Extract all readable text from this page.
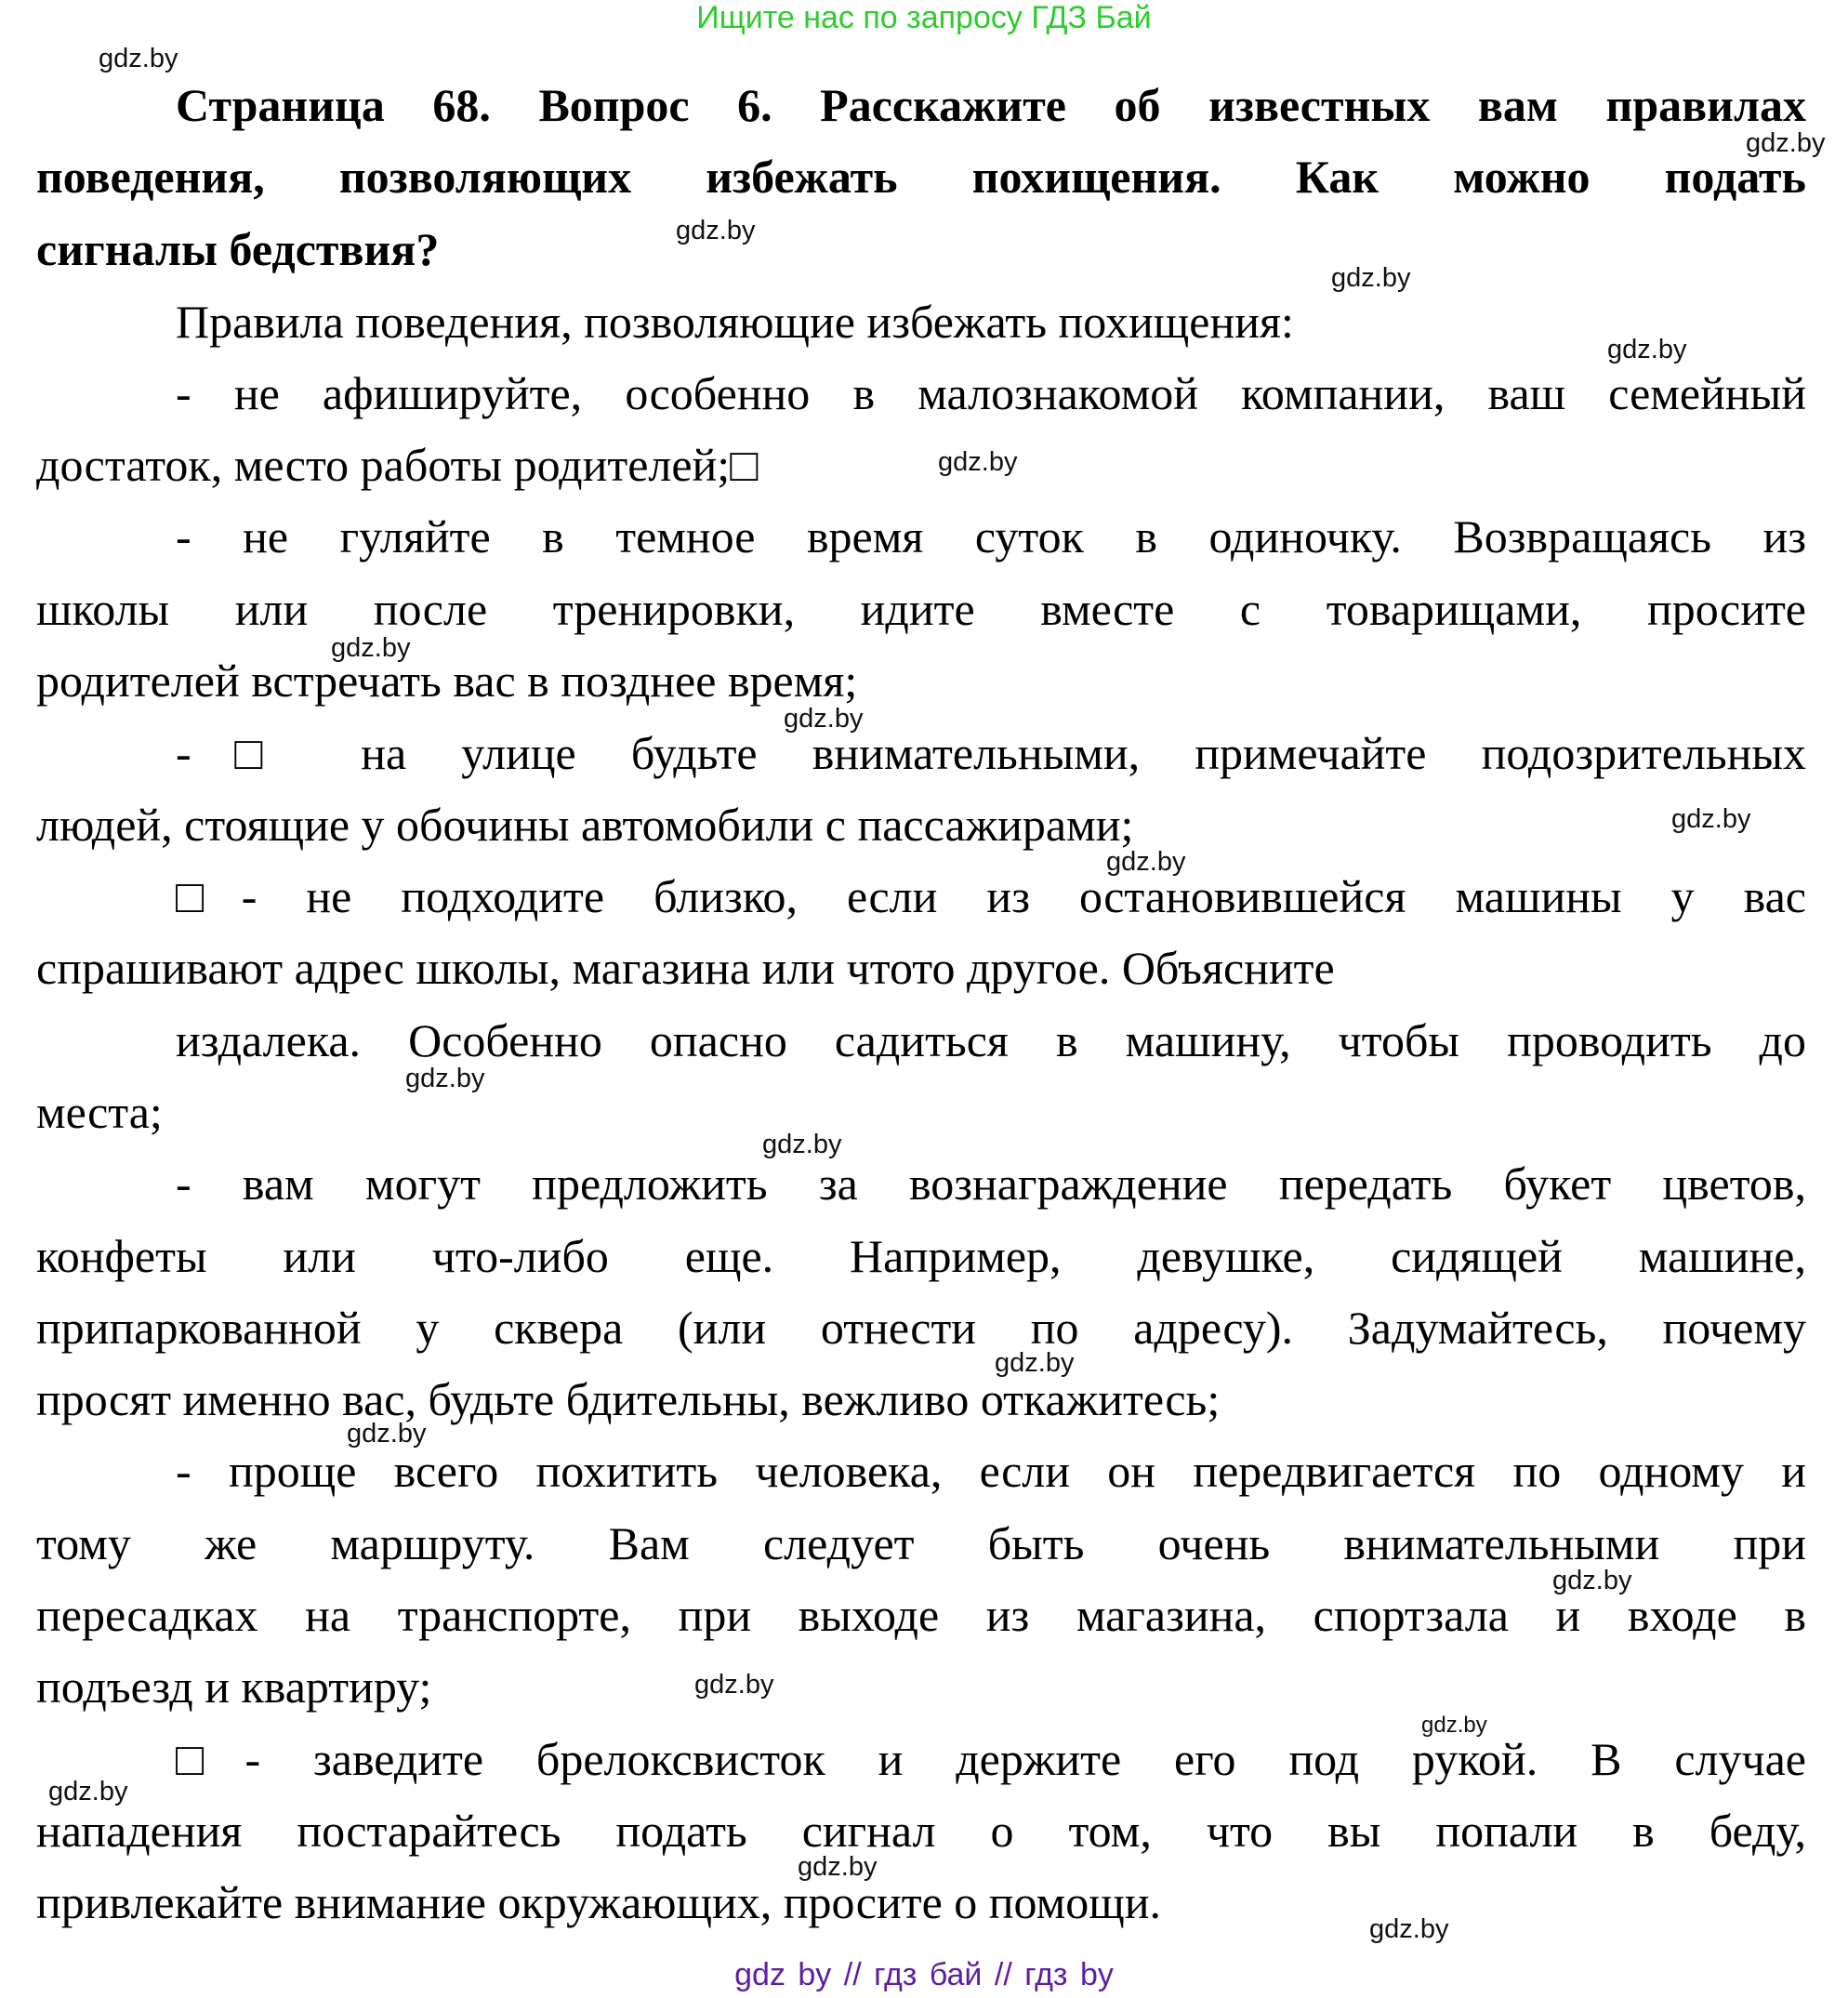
Ищите нас по запросу ГДЗ Бай
Страница 68. Вопрос 6. Расскажите об известных вам правилах
поведения, позволяющих избежать похищения. Как можно подать
сигналы бедствия?
Правила поведения, позволяющие избежать похищения:
- не афишируйте, особенно в малознакомой компании, ваш семейный
достаток, место работы родителей;□
- не гуляйте в темное время суток в одиночку. Возвращаясь из
школы или после тренировки, идите вместе с товарищами, просите
родителей встречать вас в позднее время;
-□ на улице будьте внимательными, примечайте подозрительных
людей, стоящие у обочины автомобили с пассажирами;
□- не подходите близко, если из остановившейся машины у вас
спрашивают адрес школы, магазина или чтото другое. Объясните
издалека. Особенно опасно садиться в машину, чтобы проводить до
места;
- вам могут предложить за вознаграждение передать букет цветов,
конфеты или что-либо еще. Например, девушке, сидящей машине,
припаркованной у сквера (или отнести по адресу). Задумайтесь, почему
просят именно вас, будьте бдительны, вежливо откажитесь;
- проще всего похитить человека, если он передвигается по одному и
тому же маршруту. Вам следует быть очень внимательными при
пересадках на транспорте, при выходе из магазина, спортзала и входе в
подъезд и квартиру;
□- заведите брелоксвисток и держите его под рукой. В случае
нападения постарайтесь подать сигнал о том, что вы попали в беду,
привлекайте внимание окружающих, просите о помощи.
gdz.by
gdz.by
gdz.by
gdz.by
gdz.by
gdz.by
gdz.by
gdz.by
gdz.by
gdz.by
gdz.by
gdz.by
gdz.by
gdz.by
gdz.by
gdz.by
gdz.by
gdz.by
gdz.by
gdz.by
gdz by // гдз бай // гдз by
